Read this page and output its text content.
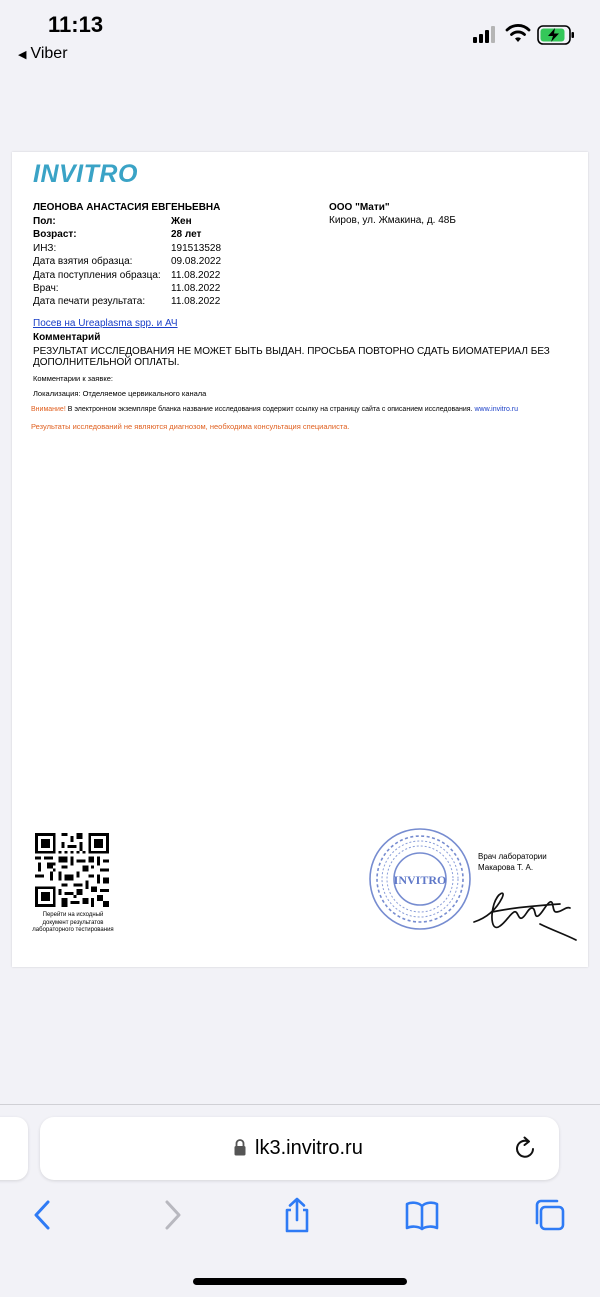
11:13
◀ Viber
INVITRO
ЛЕОНОВА АНАСТАСИЯ ЕВГЕНЬЕВНА	ООО "Мати"
Киров, ул. Жмакина, д. 48Б
Пол:	Жен
Возраст:	28 лет
ИНЗ:	191513528
Дата взятия образца:	09.08.2022
Дата поступления образца:	11.08.2022
Врач:	11.08.2022
Дата печати результата:	11.08.2022
Посев на Ureaplasma spp. и АЧ
Комментарий
РЕЗУЛЬТАТ ИССЛЕДОВАНИЯ НЕ МОЖЕТ БЫТЬ ВЫДАН. ПРОСЬБА ПОВТОРНО СДАТЬ БИОМАТЕРИАЛ БЕЗ ДОПОЛНИТЕЛЬНОЙ ОПЛАТЫ.
Комментарии к заявке:
Локализация: Отделяемое цервикального канала
Внимание! В электронном экземпляре бланка название исследования содержит ссылку на страницу сайта с описанием исследования. www.invitro.ru
Результаты исследований не являются диагнозом, необходима консультация специалиста.
Перейти на исходный документ результатов лабораторного тестирования
INVITRO
Врач лаборатории
Макарова Т. А.
lk3.invitro.ru
